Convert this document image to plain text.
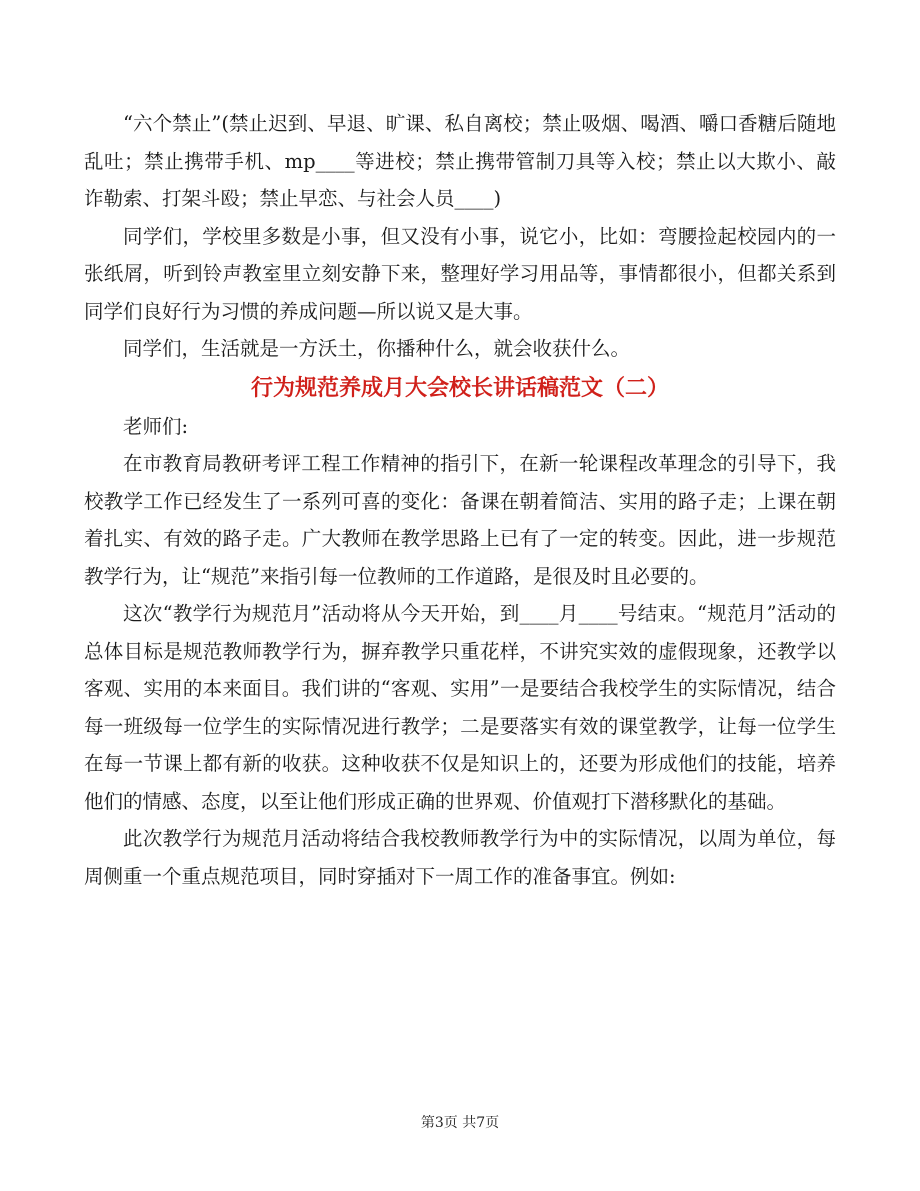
“六个禁止”(禁止迟到、早退、旷课、私自离校；禁止吸烟、喝酒、嚼口香糖后随地乱吐；禁止携带手机、mp____等进校；禁止携带管制刀具等入校；禁止以大欺小、敲诈勒索、打架斗殴；禁止早恋、与社会人员____)

同学们，学校里多数是小事，但又没有小事，说它小，比如：弯腰捡起校园内的一张纸屑，听到铃声教室里立刻安静下来，整理好学习用品等，事情都很小，但都关系到同学们良好行为习惯的养成问题—所以说又是大事。

同学们，生活就是一方沃土，你播种什么，就会收获什么。

行为规范养成月大会校长讲话稿范文（二）

老师们:

在市教育局教研考评工程工作精神的指引下，在新一轮课程改革理念的引导下，我校教学工作已经发生了一系列可喜的变化：备课在朝着简洁、实用的路子走；上课在朝着扎实、有效的路子走。广大教师在教学思路上已有了一定的转变。因此，进一步规范教学行为，让“规范”来指引每一位教师的工作道路，是很及时且必要的。

这次“教学行为规范月”活动将从今天开始，到____月____号结束。“规范月”活动的总体目标是规范教师教学行为，摒弃教学只重花样，不讲究实效的虚假现象，还教学以客观、实用的本来面目。我们讲的“客观、实用”一是要结合我校学生的实际情况，结合每一班级每一位学生的实际情况进行教学；二是要落实有效的课堂教学，让每一位学生在每一节课上都有新的收获。这种收获不仅是知识上的，还要为形成他们的技能，培养他们的情感、态度，以至让他们形成正确的世界观、价值观打下潜移默化的基础。

此次教学行为规范月活动将结合我校教师教学行为中的实际情况，以周为单位，每周侧重一个重点规范项目，同时穿插对下一周工作的准备事宜。例如:

第3页 共7页
